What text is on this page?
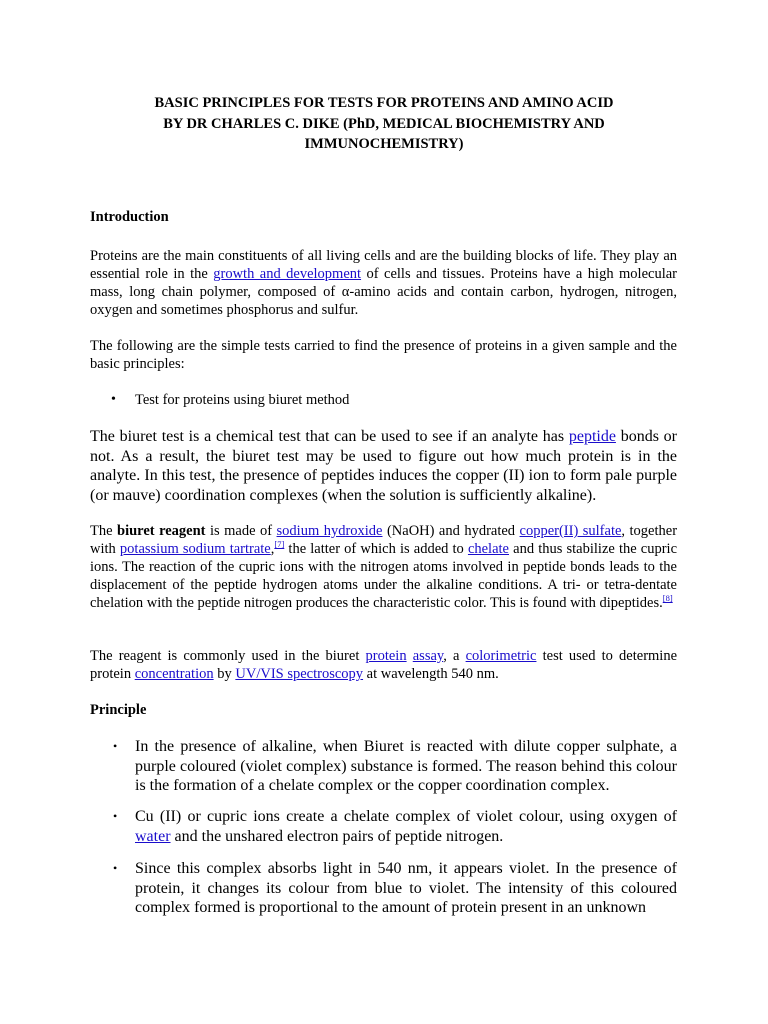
BASIC PRINCIPLES FOR TESTS FOR PROTEINS AND AMINO ACID
BY DR CHARLES C. DIKE (PhD, MEDICAL BIOCHEMISTRY AND
IMMUNOCHEMISTRY)
Introduction
Proteins are the main constituents of all living cells and are the building blocks of life. They play an essential role in the growth and development of cells and tissues. Proteins have a high molecular mass, long chain polymer, composed of α-amino acids and contain carbon, hydrogen, nitrogen, oxygen and sometimes phosphorus and sulfur.
The following are the simple tests carried to find the presence of proteins in a given sample and the basic principles:
• Test for proteins using biuret method
The biuret test is a chemical test that can be used to see if an analyte has peptide bonds or not. As a result, the biuret test may be used to figure out how much protein is in the analyte. In this test, the presence of peptides induces the copper (II) ion to form pale purple (or mauve) coordination complexes (when the solution is sufficiently alkaline).
The biuret reagent is made of sodium hydroxide (NaOH) and hydrated copper(II) sulfate, together with potassium sodium tartrate,[7] the latter of which is added to chelate and thus stabilize the cupric ions. The reaction of the cupric ions with the nitrogen atoms involved in peptide bonds leads to the displacement of the peptide hydrogen atoms under the alkaline conditions. A tri- or tetra-dentate chelation with the peptide nitrogen produces the characteristic color. This is found with dipeptides.[8]
The reagent is commonly used in the biuret protein assay, a colorimetric test used to determine protein concentration by UV/VIS spectroscopy at wavelength 540 nm.
Principle
• In the presence of alkaline, when Biuret is reacted with dilute copper sulphate, a purple coloured (violet complex) substance is formed. The reason behind this colour is the formation of a chelate complex or the copper coordination complex.
• Cu (II) or cupric ions create a chelate complex of violet colour, using oxygen of water and the unshared electron pairs of peptide nitrogen.
• Since this complex absorbs light in 540 nm, it appears violet. In the presence of protein, it changes its colour from blue to violet. The intensity of this coloured complex formed is proportional to the amount of protein present in an unknown
